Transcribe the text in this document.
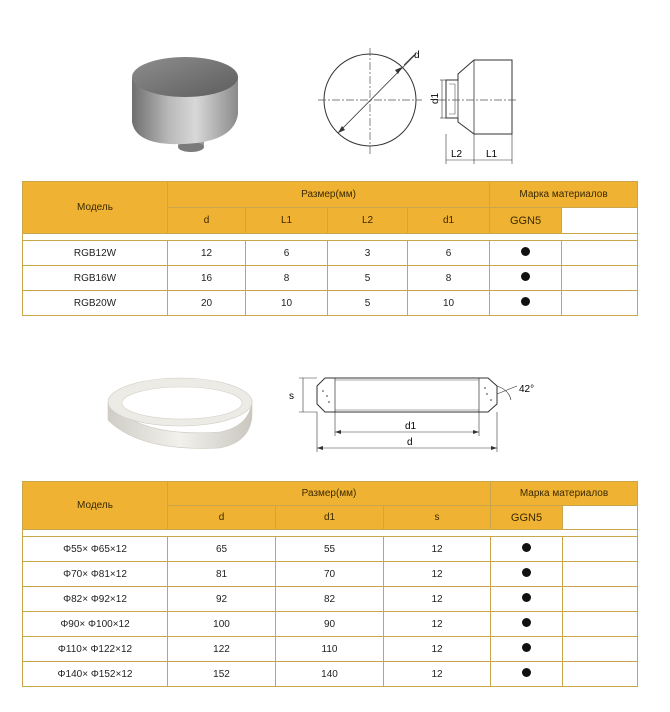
d
d1
L2 L1
Модель	Размер(мм)				Марка материалов	
	d	L1	L2	d1	GGN5	

RGB12W	12	6	3	6		
RGB16W	16	8	5	8		
RGB20W	20	10	5	10		
s
42°
d1
d
Модель	Размер(мм)			Марка материалов	
	d	d1	s	GGN5	

Φ55× Φ65×12	65	55	12		
Φ70× Φ81×12	81	70	12		
Φ82× Φ92×12	92	82	12		
Φ90× Φ100×12	100	90	12		
Φ110× Φ122×12	122	110	12		
Φ140× Φ152×12	152	140	12		
